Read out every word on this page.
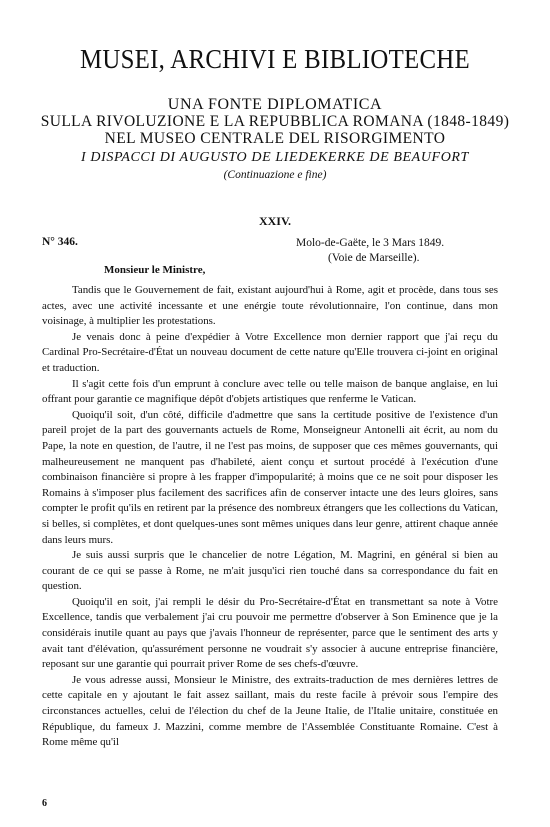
MUSEI, ARCHIVI E BIBLIOTECHE
UNA FONTE DIPLOMATICA
SULLA RIVOLUZIONE E LA REPUBBLICA ROMANA (1848-1849)
NEL MUSEO CENTRALE DEL RISORGIMENTO
I DISPACCI DI AUGUSTO DE LIEDEKERKE DE BEAUFORT
(Continuazione e fine)
XXIV.
N° 346.	Molo-de-Gaëte, le 3 Mars 1849.
(Voie de Marseille).
Monsieur le Ministre,

Tandis que le Gouvernement de fait, existant aujourd'hui à Rome, agit et procède, dans tous ses actes, avec une activité incessante et une enérgie toute révolutionnaire, l'on continue, dans mon voisinage, à multiplier les protestations.

Je venais donc à peine d'expédier à Votre Excellence mon dernier rapport que j'ai reçu du Cardinal Pro-Secrétaire-d'État un nouveau document de cette nature qu'Elle trouvera ci-joint en original et traduction.

Il s'agit cette fois d'un emprunt à conclure avec telle ou telle maison de banque anglaise, en lui offrant pour garantie ce magnifique dépôt d'objets artistiques que renferme le Vatican.

Quoiqu'il soit, d'un côté, difficile d'admettre que sans la certitude positive de l'existence d'un pareil projet de la part des gouvernants actuels de Rome, Monseigneur Antonelli ait écrit, au nom du Pape, la note en question, de l'autre, il ne l'est pas moins, de supposer que ces mêmes gouvernants, qui malheureusement ne manquent pas d'habileté, aient conçu et surtout procédé à l'exécution d'une combinaison financière si propre à les frapper d'impopularité; à moins que ce ne soit pour disposer les Romains à s'imposer plus facilement des sacrifices afin de conserver intacte une des leurs gloires, sans compter le profit qu'ils en retirent par la présence des nombreux étrangers que les collections du Vatican, si belles, si complètes, et dont quelques-unes sont mêmes uniques dans leur genre, attirent chaque année dans leurs murs.

Je suis aussi surpris que le chancelier de notre Légation, M. Magrini, en général si bien au courant de ce qui se passe à Rome, ne m'ait jusqu'ici rien touché dans sa correspondance du fait en question.

Quoiqu'il en soit, j'ai rempli le désir du Pro-Secrétaire-d'État en transmettant sa note à Votre Excellence, tandis que verbalement j'ai cru pouvoir me permettre d'observer à Son Eminence que je la considérais inutile quant au pays que j'avais l'honneur de représenter, parce que le sentiment des arts y avait tant d'élévation, qu'assurément personne ne voudrait s'y associer à aucune entreprise financière, reposant sur une garantie qui pourrait priver Rome de ses chefs-d'œuvre.

Je vous adresse aussi, Monsieur le Ministre, des extraits-traduction de mes dernières lettres de cette capitale en y ajoutant le fait assez saillant, mais du reste facile à prévoir sous l'empire des circonstances actuelles, celui de l'élection du chef de la Jeune Italie, de l'Italie unitaire, constituée en République, du fameux J. Mazzini, comme membre de l'Assemblée Constituante Romaine. C'est à Rome même qu'il

6
